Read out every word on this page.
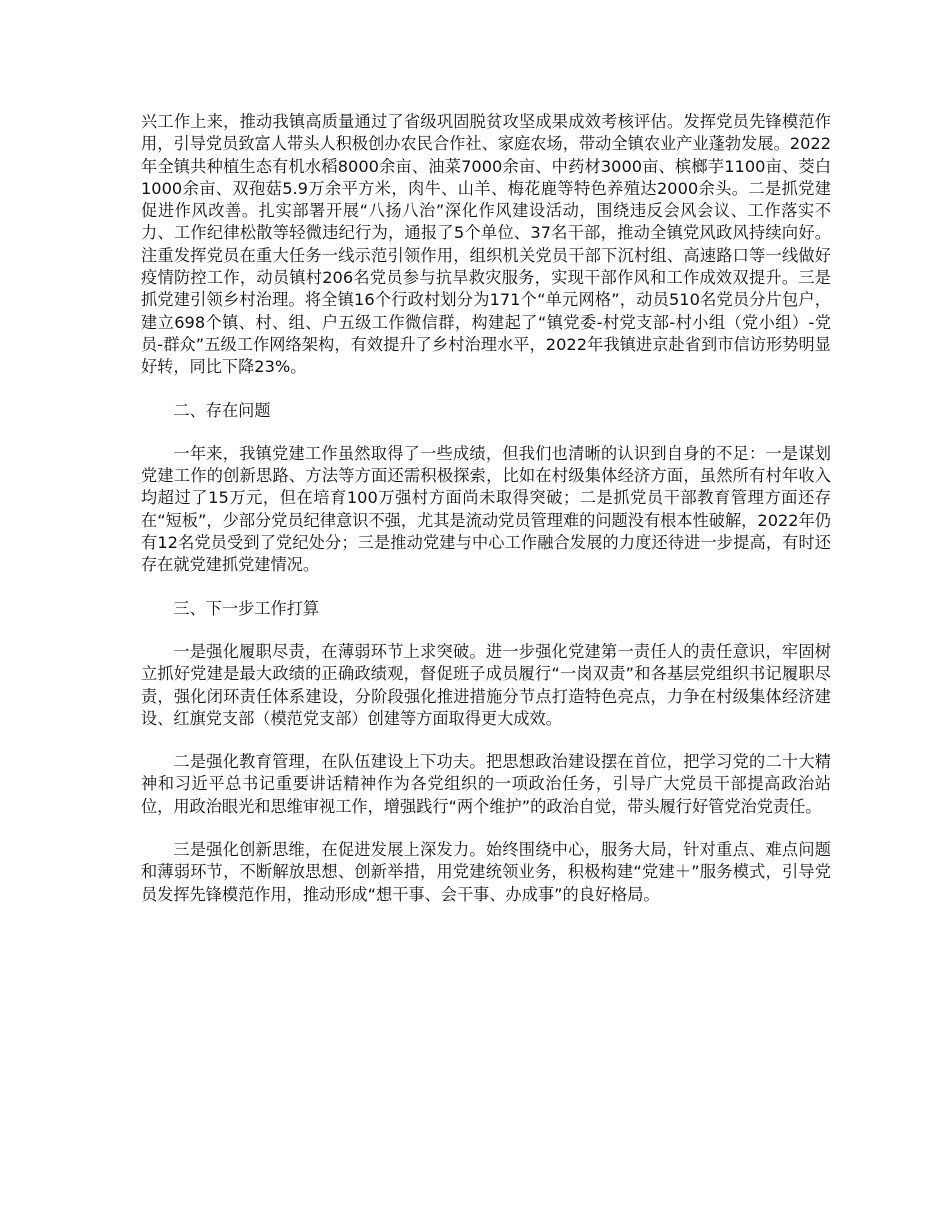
兴工作上来，推动我镇高质量通过了省级巩固脱贫攻坚成果成效考核评估。发挥党员先锋模范作用，引导党员致富人带头人积极创办农民合作社、家庭农场，带动全镇农业产业蓬勃发展。2022年全镇共种植生态有机水稻8000余亩、油菜7000余亩、中药材3000亩、槟榔芋1100亩、茭白1000余亩、双孢菇5.9万余平方米，肉牛、山羊、梅花鹿等特色养殖达2000余头。二是抓党建促进作风改善。扎实部署开展“八扬八治”深化作风建设活动，围绕违反会风会议、工作落实不力、工作纪律松散等轻微违纪行为，通报了5个单位、37名干部，推动全镇党风政风持续向好。注重发挥党员在重大任务一线示范引领作用，组织机关党员干部下沉村组、高速路口等一线做好疫情防控工作，动员镇村206名党员参与抗旱救灾服务，实现干部作风和工作成效双提升。三是抓党建引领乡村治理。将全镇16个行政村划分为171个“单元网格”，动员510名党员分片包户，建立698个镇、村、组、户五级工作微信群，构建起了“镇党委-村党支部-村小组（党小组）-党员-群众”五级工作网络架构，有效提升了乡村治理水平，2022年我镇进京赴省到市信访形势明显好转，同比下降23%。

二、存在问题

一年来，我镇党建工作虽然取得了一些成绩，但我们也清晰的认识到自身的不足：一是谋划党建工作的创新思路、方法等方面还需积极探索，比如在村级集体经济方面，虽然所有村年收入均超过了15万元，但在培育100万强村方面尚未取得突破；二是抓党员干部教育管理方面还存在“短板”，少部分党员纪律意识不强，尤其是流动党员管理难的问题没有根本性破解，2022年仍有12名党员受到了党纪处分；三是推动党建与中心工作融合发展的力度还待进一步提高，有时还存在就党建抓党建情况。

三、下一步工作打算

一是强化履职尽责，在薄弱环节上求突破。进一步强化党建第一责任人的责任意识，牢固树立抓好党建是最大政绩的正确政绩观，督促班子成员履行“一岗双责”和各基层党组织书记履职尽责，强化闭环责任体系建设，分阶段强化推进措施分节点打造特色亮点，力争在村级集体经济建设、红旗党支部（模范党支部）创建等方面取得更大成效。

二是强化教育管理，在队伍建设上下功夫。把思想政治建设摆在首位，把学习党的二十大精神和习近平总书记重要讲话精神作为各党组织的一项政治任务，引导广大党员干部提高政治站位，用政治眼光和思维审视工作，增强践行“两个维护”的政治自觉，带头履行好管党治党责任。

三是强化创新思维，在促进发展上深发力。始终围绕中心，服务大局，针对重点、难点问题和薄弱环节，不断解放思想、创新举措，用党建统领业务，积极构建“党建＋”服务模式，引导党员发挥先锋模范作用，推动形成“想干事、会干事、办成事”的良好格局。
